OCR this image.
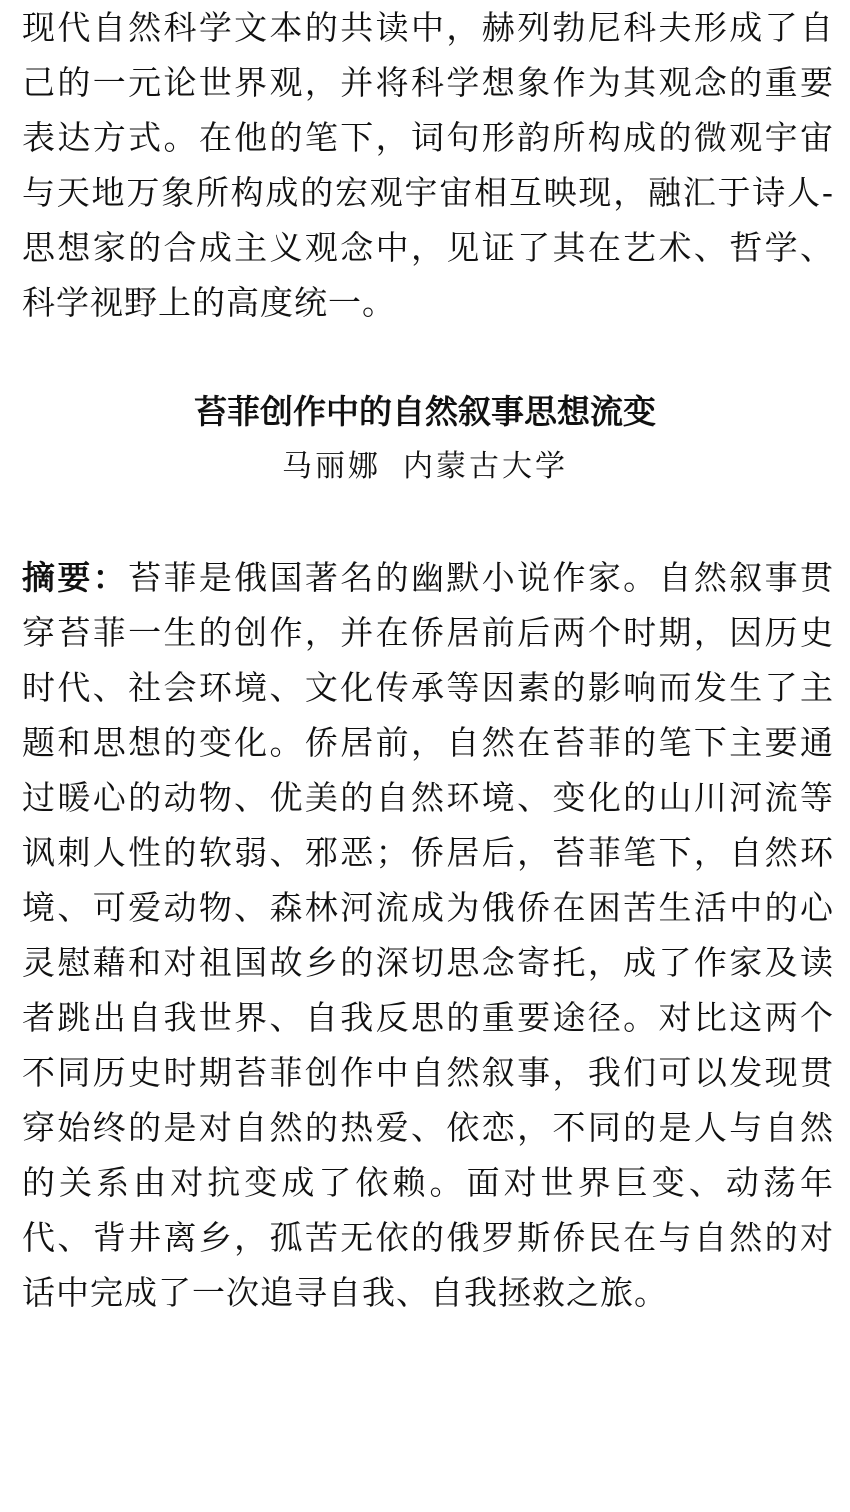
现代自然科学文本的共读中，赫列勃尼科夫形成了自己的一元论世界观，并将科学想象作为其观念的重要表达方式。在他的笔下，词句形韵所构成的微观宇宙与天地万象所构成的宏观宇宙相互映现，融汇于诗人-思想家的合成主义观念中，见证了其在艺术、哲学、科学视野上的高度统一。

苔菲创作中的自然叙事思想流变

马丽娜 内蒙古大学

摘要：苔菲是俄国著名的幽默小说作家。自然叙事贯穿苔菲一生的创作，并在侨居前后两个时期，因历史时代、社会环境、文化传承等因素的影响而发生了主题和思想的变化。侨居前，自然在苔菲的笔下主要通过暖心的动物、优美的自然环境、变化的山川河流等讽刺人性的软弱、邪恶；侨居后，苔菲笔下，自然环境、可爱动物、森林河流成为俄侨在困苦生活中的心灵慰藉和对祖国故乡的深切思念寄托，成了作家及读者跳出自我世界、自我反思的重要途径。对比这两个不同历史时期苔菲创作中自然叙事，我们可以发现贯穿始终的是对自然的热爱、依恋，不同的是人与自然的关系由对抗变成了依赖。面对世界巨变、动荡年代、背井离乡，孤苦无依的俄罗斯侨民在与自然的对话中完成了一次追寻自我、自我拯救之旅。
